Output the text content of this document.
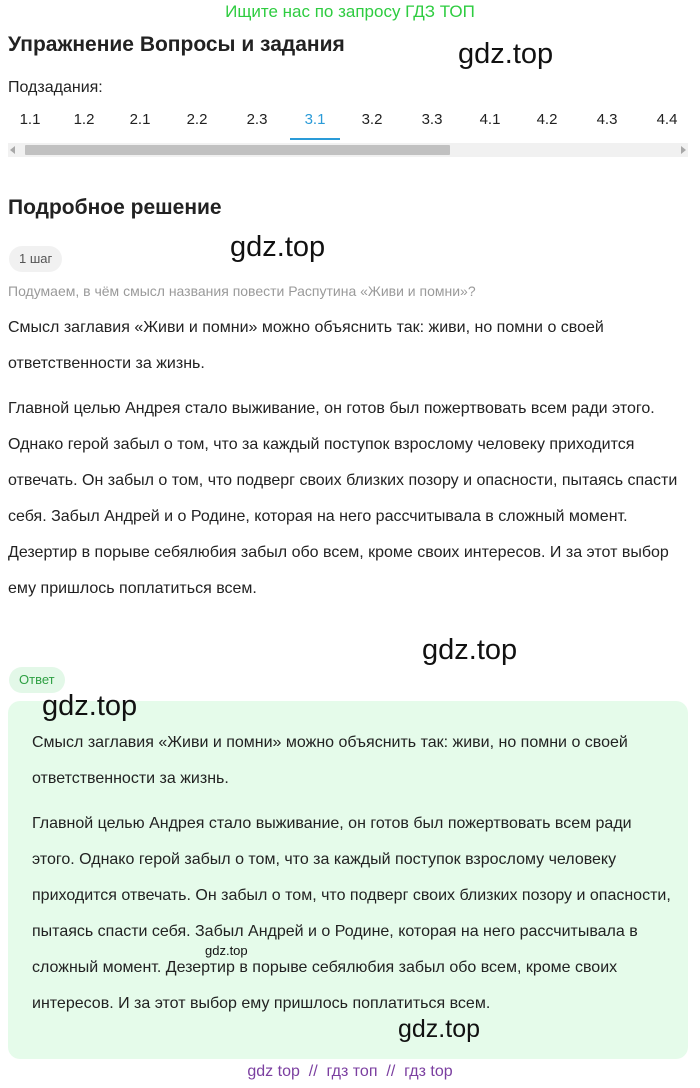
Ищите нас по запросу ГДЗ ТОП
Упражнение Вопросы и задания	gdz.top
Подзадания:
1.1	1.2	2.1	2.2	2.3	3.1	3.2	3.3	4.1	4.2	4.3	4.4
Подробное решение
gdz.top
1 шаг
Подумаем, в чём смысл названия повести Распутина «Живи и помни»?
Смысл заглавия «Живи и помни» можно объяснить так: живи, но помни о своей ответственности за жизнь.
Главной целью Андрея стало выживание, он готов был пожертвовать всем ради этого. Однако герой забыл о том, что за каждый поступок взрослому человеку приходится отвечать. Он забыл о том, что подверг своих близких позору и опасности, пытаясь спасти себя. Забыл Андрей и о Родине, которая на него рассчитывала в сложный момент. Дезертир в порыве себялюбия забыл обо всем, кроме своих интересов. И за этот выбор ему пришлось поплатиться всем.
gdz.top
Ответ
Смысл заглавия «Живи и помни» можно объяснить так: живи, но помни о своей ответственности за жизнь.
Главной целью Андрея стало выживание, он готов был пожертвовать всем ради этого. Однако герой забыл о том, что за каждый поступок взрослому человеку приходится отвечать. Он забыл о том, что подверг своих близких позору и опасности, пытаясь спасти себя. Забыл Андрей и о Родине, которая на него рассчитывала в сложный момент. Дезертир в порыве себялюбия забыл обо всем, кроме своих интересов. И за этот выбор ему пришлось поплатиться всем.
gdz.top
gdz.top
gdz.top
gdz top  //  гдз топ  //  гдз top
